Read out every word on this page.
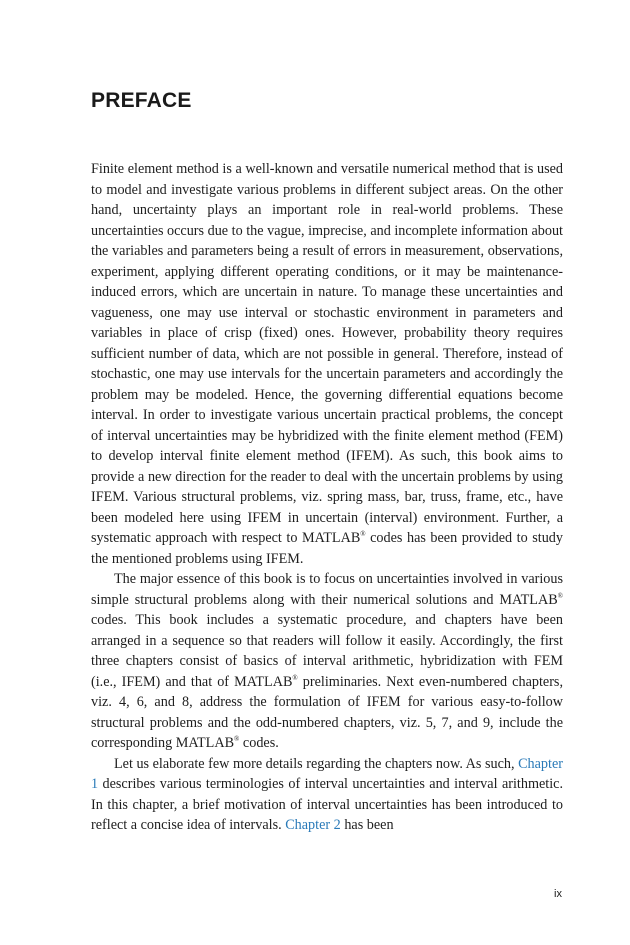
PREFACE

Finite element method is a well-known and versatile numerical method that is used to model and investigate various problems in different subject areas. On the other hand, uncertainty plays an important role in real-world problems. These uncertainties occurs due to the vague, imprecise, and incomplete information about the variables and parameters being a result of errors in measurement, observations, experiment, applying different operating conditions, or it may be maintenance-induced errors, which are uncertain in nature. To manage these uncertainties and vagueness, one may use interval or stochastic environment in parameters and variables in place of crisp (fixed) ones. However, probability theory requires sufficient number of data, which are not possible in general. Therefore, instead of stochastic, one may use intervals for the uncertain parameters and accordingly the problem may be modeled. Hence, the governing differential equations become interval. In order to investigate various uncertain practical problems, the concept of interval uncertainties may be hybridized with the finite element method (FEM) to develop interval finite element method (IFEM). As such, this book aims to provide a new direction for the reader to deal with the uncertain problems by using IFEM. Various structural problems, viz. spring mass, bar, truss, frame, etc., have been modeled here using IFEM in uncertain (interval) environment. Further, a systematic approach with respect to MATLAB® codes has been provided to study the mentioned problems using IFEM.

The major essence of this book is to focus on uncertainties involved in various simple structural problems along with their numerical solutions and MATLAB® codes. This book includes a systematic procedure, and chapters have been arranged in a sequence so that readers will follow it easily. Accordingly, the first three chapters consist of basics of interval arithmetic, hybridization with FEM (i.e., IFEM) and that of MATLAB® preliminaries. Next even-numbered chapters, viz. 4, 6, and 8, address the formulation of IFEM for various easy-to-follow structural problems and the odd-numbered chapters, viz. 5, 7, and 9, include the corresponding MATLAB® codes.

Let us elaborate few more details regarding the chapters now. As such, Chapter 1 describes various terminologies of interval uncertainties and interval arithmetic. In this chapter, a brief motivation of interval uncertainties has been introduced to reflect a concise idea of intervals. Chapter 2 has been

ix
